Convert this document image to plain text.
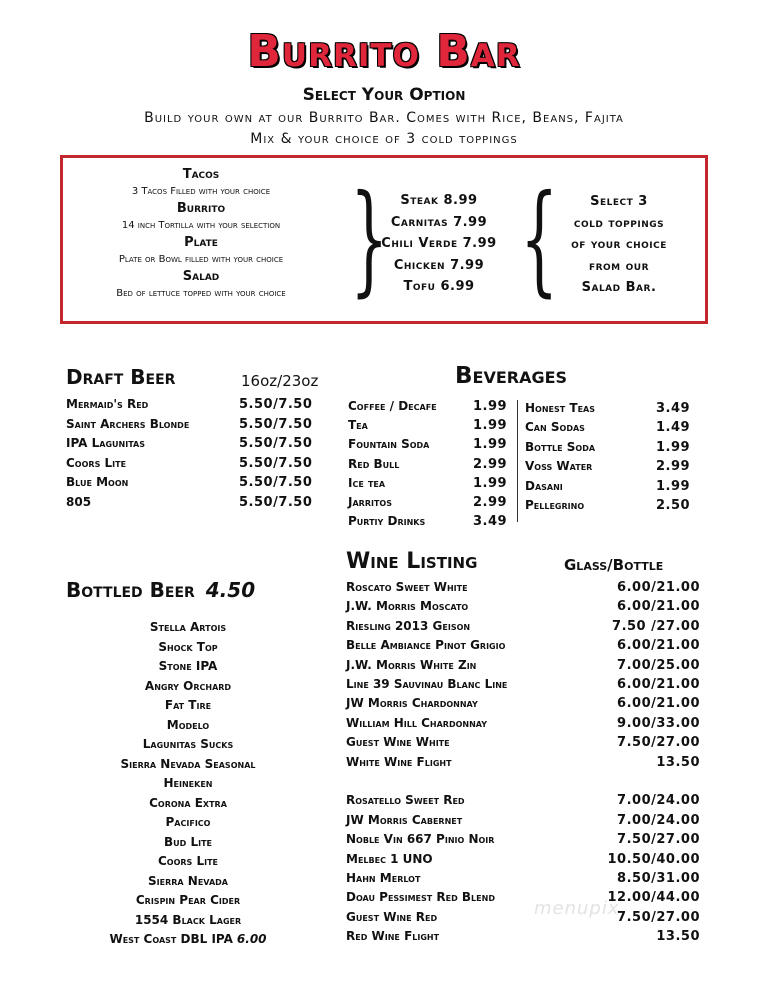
Burrito Bar
Select Your Option
Build your own at our Burrito Bar. Comes with Rice, Beans, Fajita
Mix & your choice of 3 cold toppings
Tacos
3 Tacos Filled with your choice
Burrito
14 inch Tortilla with your selection
Plate
Plate or Bowl filled with your choice
Salad
Bed of lettuce topped with your choice } Steak 8.99
Carnitas 7.99
Chili Verde 7.99
Chicken 7.99
Tofu 6.99 {	Select 3
cold toppings
of your choice
from our
Salad Bar.
Draft Beer	16oz/23oz
Mermaid's Red	5.50/7.50
Saint Archers Blonde	5.50/7.50
IPA Lagunitas	5.50/7.50
Coors Lite	5.50/7.50
Blue Moon	5.50/7.50
805	5.50/7.50
Beverages
Coffee / Decafe	1.99
Tea	1.99
Fountain Soda	1.99
Red Bull	2.99
Ice tea	1.99
Jarritos	2.99
Purtiy Drinks	3.49
Honest Teas	3.49
Can Sodas	1.49
Bottle Soda	1.99
Voss Water	2.99
Dasani	1.99
Pellegrino	2.50
Bottled Beer 4.50
Stella Artois
Shock Top
Stone IPA
Angry Orchard
Fat Tire
Modelo
Lagunitas Sucks
Sierra Nevada Seasonal
Heineken
Corona Extra
Pacifico
Bud Lite
Coors Lite
Sierra Nevada
Crispin Pear Cider
1554 Black Lager
West Coast DBL IPA 6.00
Wine Listing	Glass/Bottle
Roscato Sweet White	6.00/21.00
J.W. Morris Moscato	6.00/21.00
Riesling 2013 Geison	7.50 /27.00
Belle Ambiance Pinot Grigio	6.00/21.00
J.W. Morris White Zin	7.00/25.00
Line 39 Sauvinau Blanc Line	6.00/21.00
JW Morris Chardonnay	6.00/21.00
William Hill Chardonnay	9.00/33.00
Guest Wine White	7.50/27.00
White Wine Flight	13.50
Rosatello Sweet Red	7.00/24.00
JW Morris Cabernet	7.00/24.00
Noble Vin 667 Pinio Noir	7.50/27.00
Melbec 1 UNO	10.50/40.00
Hahn Merlot	8.50/31.00
Doau Pessimest Red Blend	12.00/44.00
Guest Wine Red	7.50/27.00
Red Wine Flight	13.50
menupix
